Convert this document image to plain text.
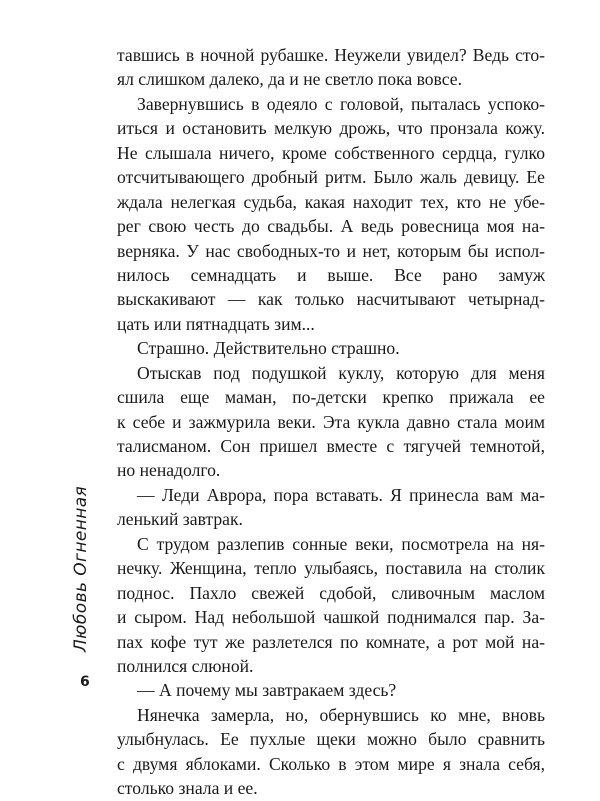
Любовь Огненная
6
тавшись в ночной рубашке. Неужели увидел? Ведь сто-
ял слишком далеко, да и не светло пока вовсе.
Завернувшись в одеяло с головой, пыталась успоко-
иться и остановить мелкую дрожь, что пронзала кожу.
Не слышала ничего, кроме собственного сердца, гулко
отсчитывающего дробный ритм. Было жаль девицу. Ее
ждала нелегкая судьба, какая находит тех, кто не убе-
рег свою честь до свадьбы. А ведь ровесница моя на-
верняка. У нас свободных-то и нет, которым бы испол-
нилось семнадцать и выше. Все рано замуж
выскакивают — как только насчитывают четырнад-
цать или пятнадцать зим...
Страшно. Действительно страшно.
Отыскав под подушкой куклу, которую для меня
сшила еще маман, по-детски крепко прижала ее
к себе и зажмурила веки. Эта кукла давно стала моим
талисманом. Сон пришел вместе с тягучей темнотой,
но ненадолго.
— Леди Аврора, пора вставать. Я принесла вам ма-
ленький завтрак.
С трудом разлепив сонные веки, посмотрела на ня-
нечку. Женщина, тепло улыбаясь, поставила на столик
поднос. Пахло свежей сдобой, сливочным маслом
и сыром. Над небольшой чашкой поднимался пар. За-
пах кофе тут же разлетелся по комнате, а рот мой на-
полнился слюной.
— А почему мы завтракаем здесь?
Нянечка замерла, но, обернувшись ко мне, вновь
улыбнулась. Ее пухлые щеки можно было сравнить
с двумя яблоками. Сколько в этом мире я знала себя,
столько знала и ее.
